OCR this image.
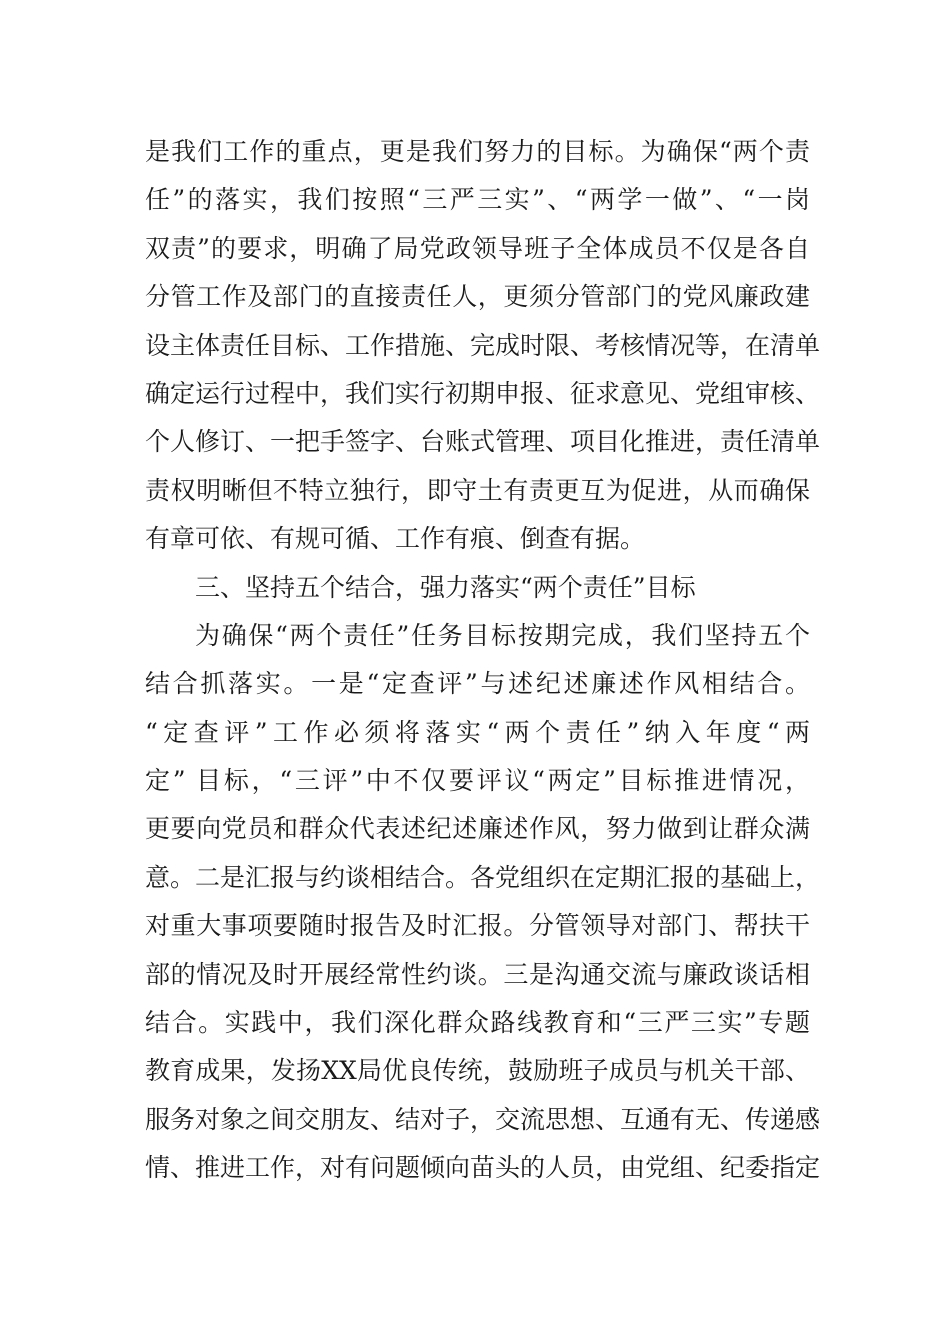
是我们工作的重点，更是我们努力的目标。为确保“两个责
任”的落实，我们按照“三严三实”、“两学一做”、“一岗
双责”的要求，明确了局党政领导班子全体成员不仅是各自
分管工作及部门的直接责任人，更须分管部门的党风廉政建
设主体责任目标、工作措施、完成时限、考核情况等，在清单
确定运行过程中，我们实行初期申报、征求意见、党组审核、
个人修订、一把手签字、台账式管理、项目化推进，责任清单
责权明晰但不特立独行，即守土有责更互为促进，从而确保
有章可依、有规可循、工作有痕、倒查有据。
三、坚持五个结合，强力落实“两个责任”目标
为确保“两个责任”任务目标按期完成，我们坚持五个
结合抓落实。一是“定查评”与述纪述廉述作风相结合。
“定查评”工作必须将落实“两个责任”纳入年度“两
定” 目标，“三评”中不仅要评议“两定”目标推进情况，
更要向党员和群众代表述纪述廉述作风，努力做到让群众满
意。二是汇报与约谈相结合。各党组织在定期汇报的基础上，
对重大事项要随时报告及时汇报。分管领导对部门、帮扶干
部的情况及时开展经常性约谈。三是沟通交流与廉政谈话相
结合。实践中，我们深化群众路线教育和“三严三实”专题
教育成果，发扬XX局优良传统，鼓励班子成员与机关干部、
服务对象之间交朋友、结对子，交流思想、互通有无、传递感
情、推进工作，对有问题倾向苗头的人员，由党组、纪委指定
